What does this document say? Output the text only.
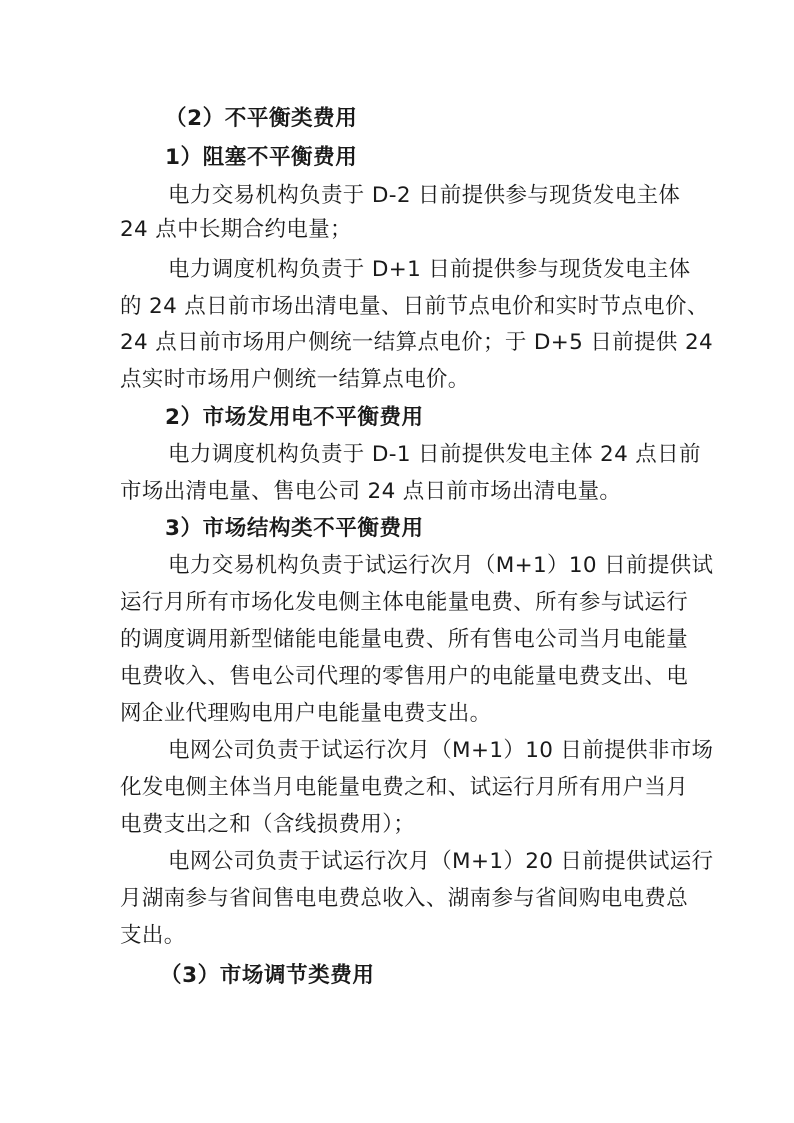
（2）不平衡类费用
1）阻塞不平衡费用
电力交易机构负责于 D-2 日前提供参与现货发电主体
24 点中长期合约电量；
电力调度机构负责于 D+1 日前提供参与现货发电主体
的 24 点日前市场出清电量、日前节点电价和实时节点电价、
24 点日前市场用户侧统一结算点电价；于 D+5 日前提供 24
点实时市场用户侧统一结算点电价。
2）市场发用电不平衡费用
电力调度机构负责于 D-1 日前提供发电主体 24 点日前
市场出清电量、售电公司 24 点日前市场出清电量。
3）市场结构类不平衡费用
电力交易机构负责于试运行次月（M+1）10 日前提供试
运行月所有市场化发电侧主体电能量电费、所有参与试运行
的调度调用新型储能电能量电费、所有售电公司当月电能量
电费收入、售电公司代理的零售用户的电能量电费支出、电
网企业代理购电用户电能量电费支出。
电网公司负责于试运行次月（M+1）10 日前提供非市场
化发电侧主体当月电能量电费之和、试运行月所有用户当月
电费支出之和（含线损费用）；
电网公司负责于试运行次月（M+1）20 日前提供试运行
月湖南参与省间售电电费总收入、湖南参与省间购电电费总
支出。
（3）市场调节类费用
